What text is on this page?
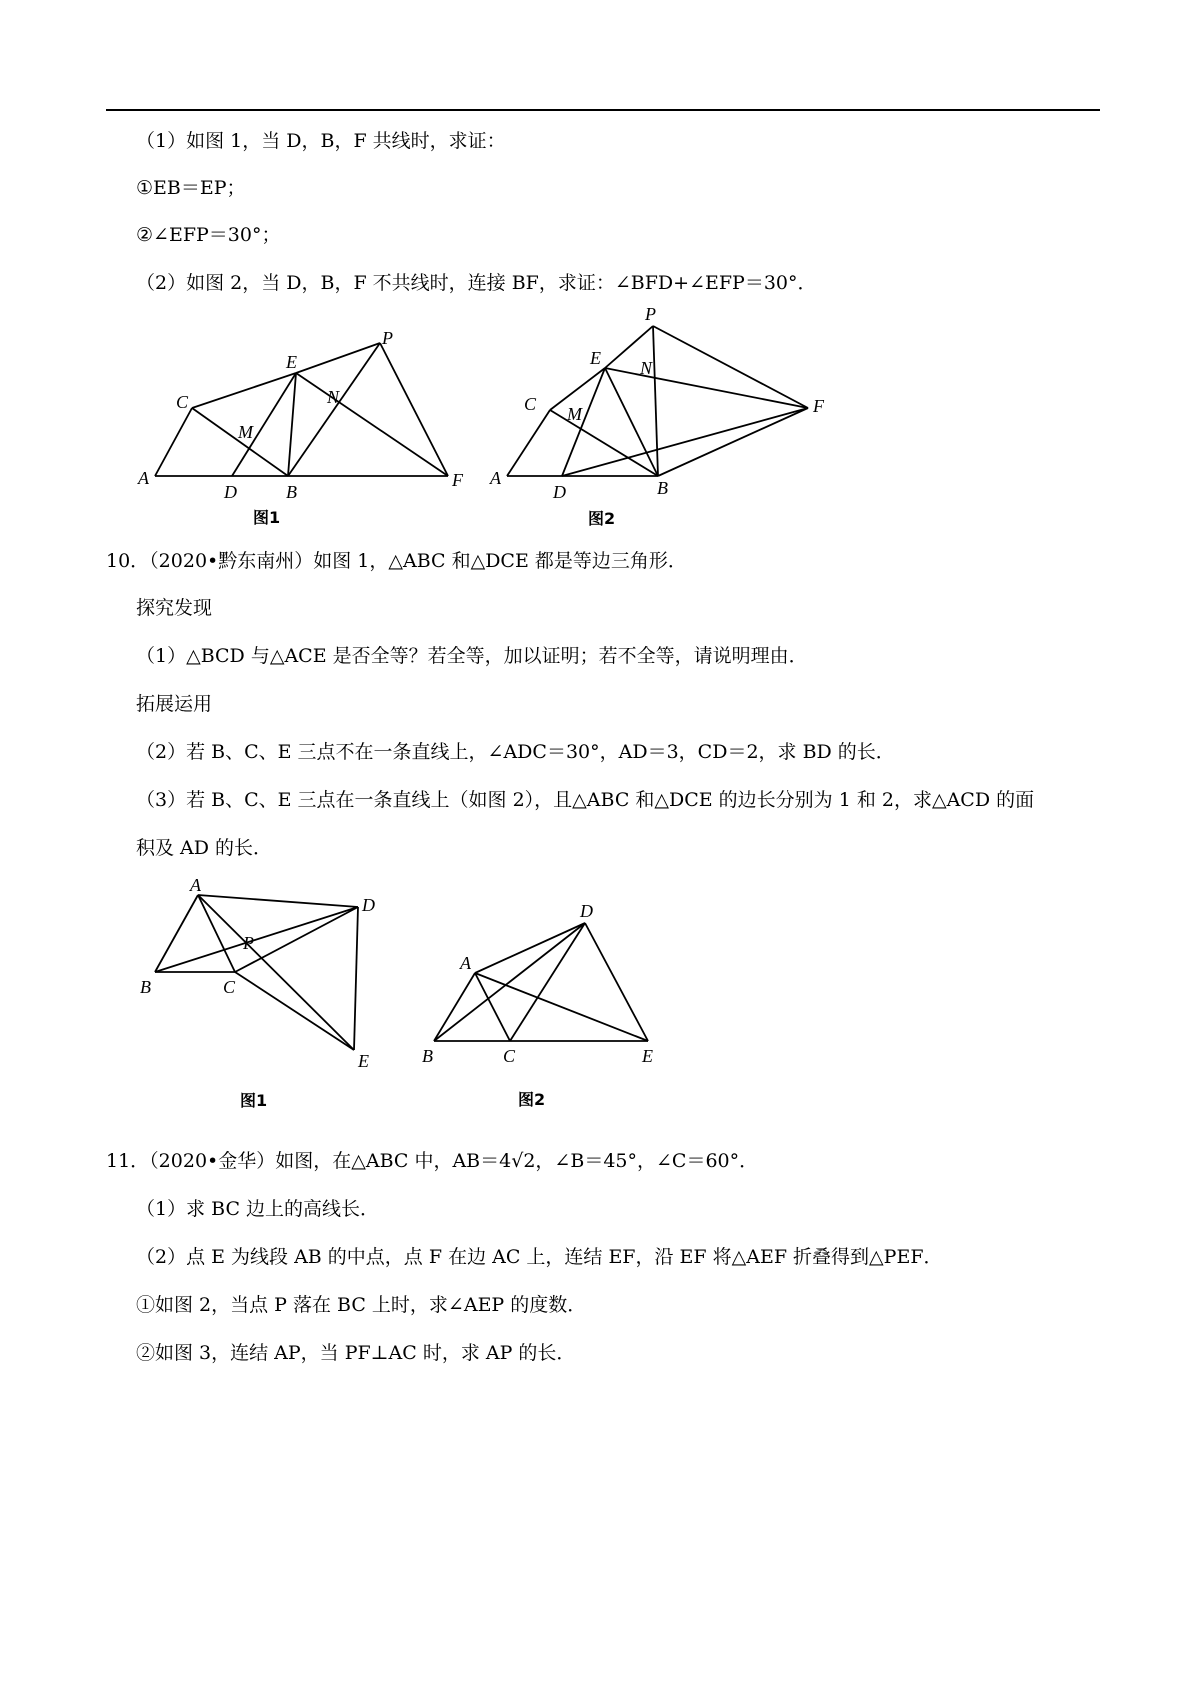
（1）如图 1，当 D，B，F 共线时，求证：
①EB＝EP；
②∠EFP＝30°；
（2）如图 2，当 D，B，F 不共线时，连接 BF，求证：∠BFD+∠EFP＝30°．
A
C
E
P
M
N
D	B
F
图1
A
C
E
P
M
N
F
D	B
图2
10．（2020•黔东南州）如图 1，△ABC 和△DCE 都是等边三角形．
探究发现
（1）△BCD 与△ACE 是否全等？若全等，加以证明；若不全等，请说明理由．
拓展运用
（2）若 B、C、E 三点不在一条直线上，∠ADC＝30°，AD＝3，CD＝2，求 BD 的长．
（3）若 B、C、E 三点在一条直线上（如图 2），且△ABC 和△DCE 的边长分别为 1 和 2，求△ACD 的面
积及 AD 的长．
A
D
P
B	C
E
图1
A
D
B	C	E
图2
11．（2020•金华）如图，在△ABC 中，AB＝4√2，∠B＝45°，∠C＝60°．
（1）求 BC 边上的高线长．
（2）点 E 为线段 AB 的中点，点 F 在边 AC 上，连结 EF，沿 EF 将△AEF 折叠得到△PEF．
①如图 2，当点 P 落在 BC 上时，求∠AEP 的度数．
②如图 3，连结 AP，当 PF⊥AC 时，求 AP 的长．
